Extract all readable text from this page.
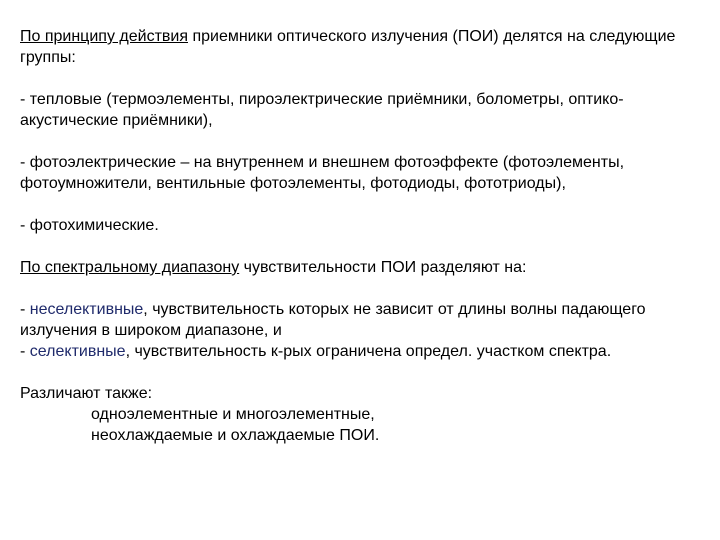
По принципу действия приемники оптического излучения (ПОИ) делятся на следующие группы:

- тепловые (термоэлементы, пироэлектрические приёмники, болометры, оптико-акустические приёмники),

- фотоэлектрические – на внутреннем и внешнем фотоэффекте (фотоэлементы, фотоумножители, вентильные фотоэлементы, фотодиоды, фототриоды),

- фотохимические.

По спектральному диапазону чувствительности ПОИ разделяют на:

- неселективные, чувствительность которых не зависит от длины волны падающего излучения в широком диапазоне, и

- селективные, чувствительность к-рых ограничена определ. участком спектра.

Различают также:

одноэлементные и многоэлементные,

неохлаждаемые и охлаждаемые ПОИ.
